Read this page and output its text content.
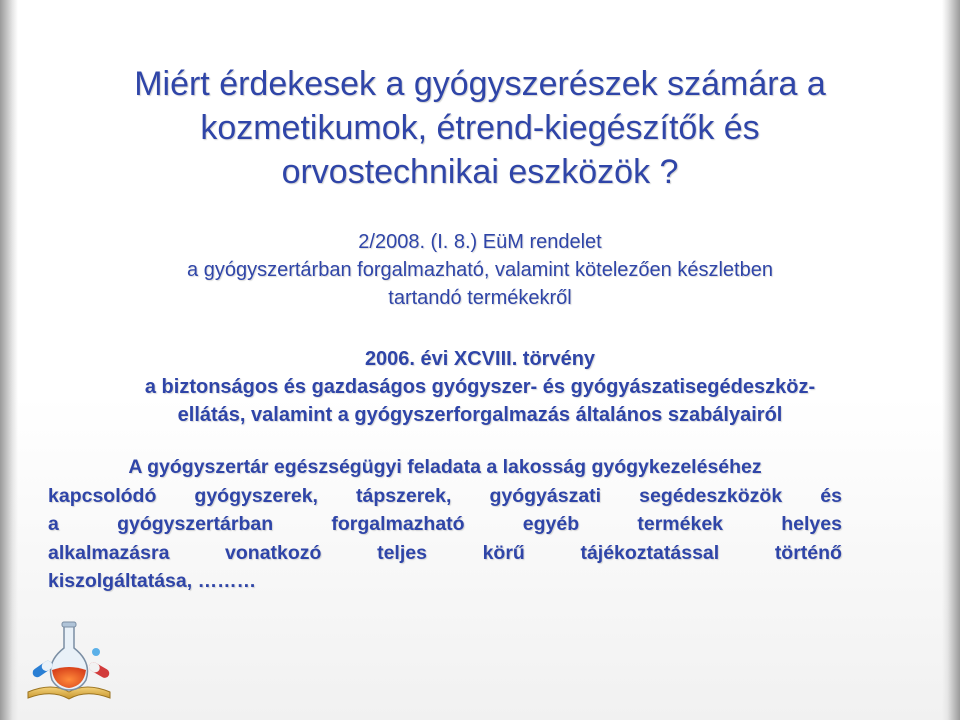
Miért érdekesek a gyógyszerészek számára a
kozmetikumok, étrend-kiegészítők és
orvostechnikai eszközök ?
2/2008. (I. 8.) EüM rendelet
a gyógyszertárban forgalmazható, valamint kötelezően készletben
tartandó termékekről
2006. évi XCVIII. törvény
a biztonságos és gazdaságos gyógyszer- és gyógyászatisegédeszköz-
ellátás, valamint a gyógyszerforgalmazás általános szabályairól
A gyógyszertár egészségügyi feladata a lakosság gyógykezeléséhez
kapcsolódó gyógyszerek, tápszerek, gyógyászati segédeszközök és
a	gyógyszertárban	forgalmazható	egyéb	termékek	helyes
alkalmazásra	vonatkozó	teljes	körű	tájékoztatással	történő
kiszolgáltatása, ………
